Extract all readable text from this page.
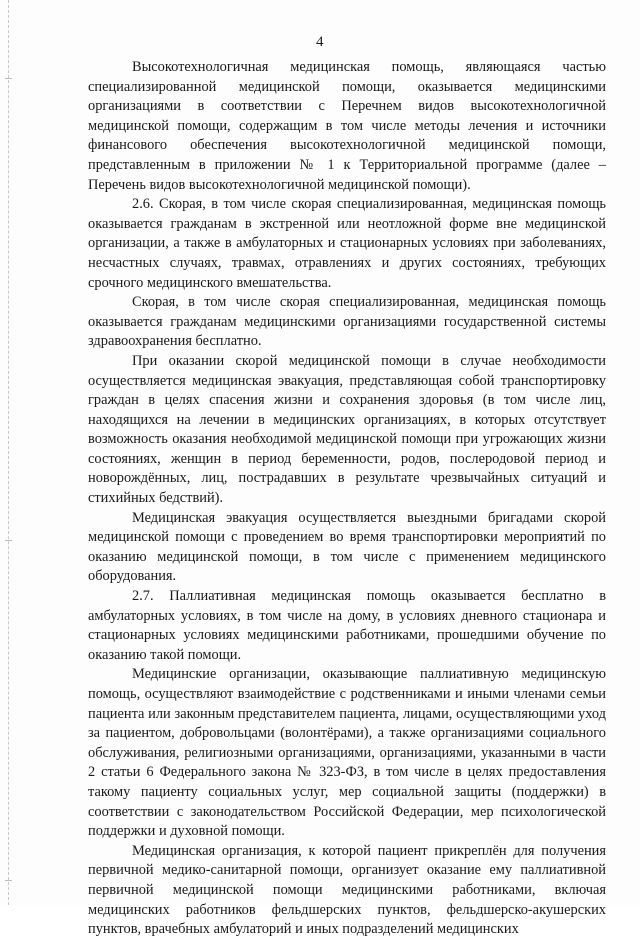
4

Высокотехнологичная медицинская помощь, являющаяся частью специализированной медицинской помощи, оказывается медицинскими организациями в соответствии с Перечнем видов высокотехнологичной медицинской помощи, содержащим в том числе методы лечения и источники финансового обеспечения высокотехнологичной медицинской помощи, представленным в приложении № 1 к Территориальной программе (далее – Перечень видов высокотехнологичной медицинской помощи).

2.6. Скорая, в том числе скорая специализированная, медицинская помощь оказывается гражданам в экстренной или неотложной форме вне медицинской организации, а также в амбулаторных и стационарных условиях при заболеваниях, несчастных случаях, травмах, отравлениях и других состояниях, требующих срочного медицинского вмешательства.

Скорая, в том числе скорая специализированная, медицинская помощь оказывается гражданам медицинскими организациями государственной системы здравоохранения бесплатно.

При оказании скорой медицинской помощи в случае необходимости осуществляется медицинская эвакуация, представляющая собой транспортировку граждан в целях спасения жизни и сохранения здоровья (в том числе лиц, находящихся на лечении в медицинских организациях, в которых отсутствует возможность оказания необходимой медицинской помощи при угрожающих жизни состояниях, женщин в период беременности, родов, послеродовой период и новорождённых, лиц, пострадавших в результате чрезвычайных ситуаций и стихийных бедствий).

Медицинская эвакуация осуществляется выездными бригадами скорой медицинской помощи с проведением во время транспортировки мероприятий по оказанию медицинской помощи, в том числе с применением медицинского оборудования.

2.7. Паллиативная медицинская помощь оказывается бесплатно в амбулаторных условиях, в том числе на дому, в условиях дневного стационара и стационарных условиях медицинскими работниками, прошедшими обучение по оказанию такой помощи.

Медицинские организации, оказывающие паллиативную медицинскую помощь, осуществляют взаимодействие с родственниками и иными членами семьи пациента или законным представителем пациента, лицами, осуществляющими уход за пациентом, добровольцами (волонтёрами), а также организациями социального обслуживания, религиозными организациями, организациями, указанными в части 2 статьи 6 Федерального закона № 323-ФЗ, в том числе в целях предоставления такому пациенту социальных услуг, мер социальной защиты (поддержки) в соответствии с законодательством Российской Федерации, мер психологической поддержки и духовной помощи.

Медицинская организация, к которой пациент прикреплён для получения первичной медико-санитарной помощи, организует оказание ему паллиативной первичной медицинской помощи медицинскими работниками, включая медицинских работников фельдшерских пунктов, фельдшерско-акушерских пунктов, врачебных амбулаторий и иных подразделений медицинских
